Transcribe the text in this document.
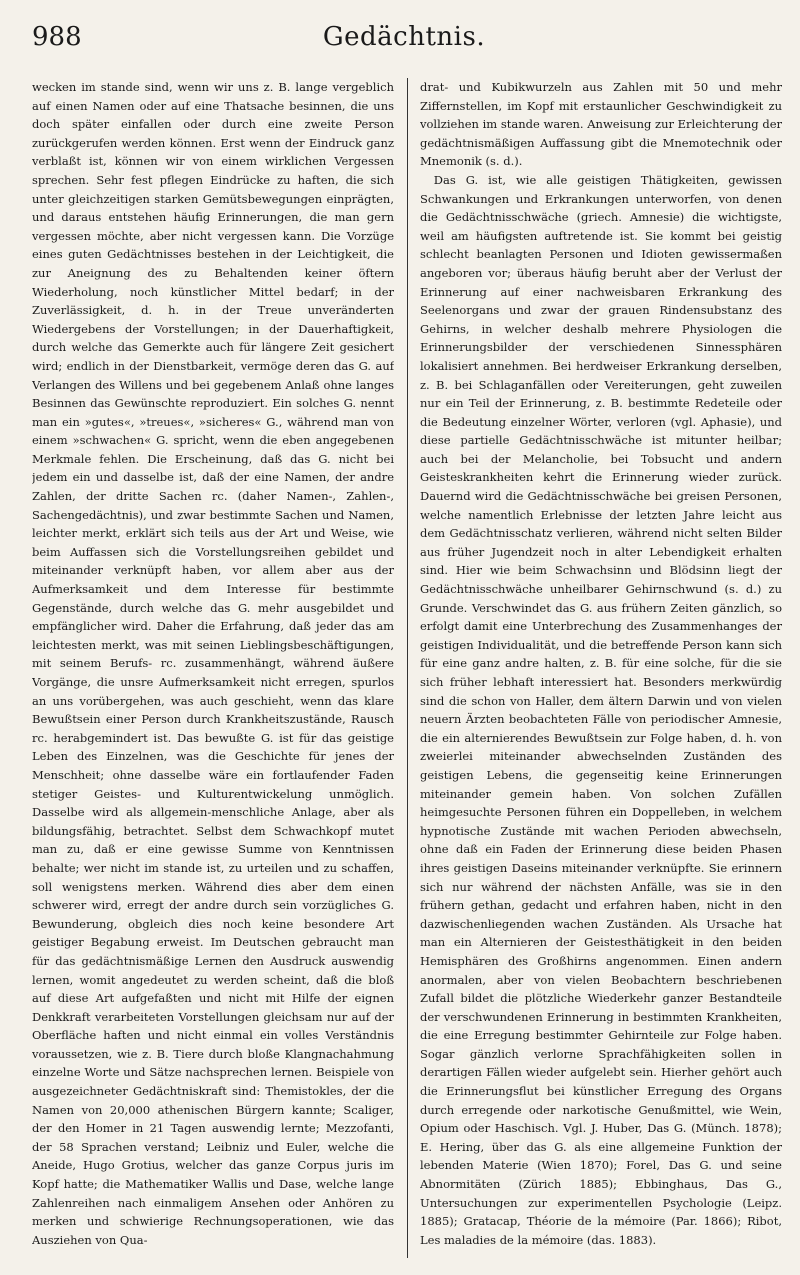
988	Gedächtnis.

wecken im stande sind, wenn wir uns z. B. lange vergeblich auf einen Namen oder auf eine Thatsache besinnen, die uns doch später einfallen oder durch eine zweite Person zurückgerufen werden können. Erst wenn der Eindruck ganz verblaßt ist, können wir von einem wirklichen Vergessen sprechen. Sehr fest pflegen Eindrücke zu haften, die sich unter gleichzeitigen starken Gemütsbewegungen einprägten, und daraus entstehen häufig Erinnerungen, die man gern vergessen möchte, aber nicht vergessen kann. Die Vorzüge eines guten Gedächtnisses bestehen in der Leichtigkeit, die zur Aneignung des zu Behaltenden keiner öftern Wiederholung, noch künstlicher Mittel bedarf; in der Zuverlässigkeit, d. h. in der Treue unveränderten Wiedergebens der Vorstellungen; in der Dauerhaftigkeit, durch welche das Gemerkte auch für längere Zeit gesichert wird; endlich in der Dienstbarkeit, vermöge deren das G. auf Verlangen des Willens und bei gegebenem Anlaß ohne langes Besinnen das Gewünschte reproduziert. Ein solches G. nennt man ein »gutes«, »treues«, »sicheres« G., während man von einem »schwachen« G. spricht, wenn die eben angegebenen Merkmale fehlen. Die Erscheinung, daß das G. nicht bei jedem ein und dasselbe ist, daß der eine Namen, der andre Zahlen, der dritte Sachen rc. (daher Namen-, Zahlen-, Sachengedächtnis), und zwar bestimmte Sachen und Namen, leichter merkt, erklärt sich teils aus der Art und Weise, wie beim Auffassen sich die Vorstellungsreihen gebildet und miteinander verknüpft haben, vor allem aber aus der Aufmerksamkeit und dem Interesse für bestimmte Gegenstände, durch welche das G. mehr ausgebildet und empfänglicher wird. Daher die Erfahrung, daß jeder das am leichtesten merkt, was mit seinen Lieblingsbeschäftigungen, mit seinem Berufs- rc. zusammenhängt, während äußere Vorgänge, die unsre Aufmerksamkeit nicht erregen, spurlos an uns vorübergehen, was auch geschieht, wenn das klare Bewußtsein einer Person durch Krankheitszustände, Rausch rc. herabgemindert ist. Das bewußte G. ist für das geistige Leben des Einzelnen, was die Geschichte für jenes der Menschheit; ohne dasselbe wäre ein fortlaufender Faden stetiger Geistes- und Kulturentwickelung unmöglich. Dasselbe wird als allgemein-menschliche Anlage, aber als bildungsfähig, betrachtet. Selbst dem Schwachkopf mutet man zu, daß er eine gewisse Summe von Kenntnissen behalte; wer nicht im stande ist, zu urteilen und zu schaffen, soll wenigstens merken. Während dies aber dem einen schwerer wird, erregt der andre durch sein vorzügliches G. Bewunderung, obgleich dies noch keine besondere Art geistiger Begabung erweist. Im Deutschen gebraucht man für das gedächtnismäßige Lernen den Ausdruck auswendig lernen, womit angedeutet zu werden scheint, daß die bloß auf diese Art aufgefaßten und nicht mit Hilfe der eignen Denkkraft verarbeiteten Vorstellungen gleichsam nur auf der Oberfläche haften und nicht einmal ein volles Verständnis voraussetzen, wie z. B. Tiere durch bloße Klangnachahmung einzelne Worte und Sätze nachsprechen lernen. Beispiele von ausgezeichneter Gedächtniskraft sind: Themistokles, der die Namen von 20,000 athenischen Bürgern kannte; Scaliger, der den Homer in 21 Tagen auswendig lernte; Mezzofanti, der 58 Sprachen verstand; Leibniz und Euler, welche die Aneide, Hugo Grotius, welcher das ganze Corpus juris im Kopf hatte; die Mathematiker Wallis und Dase, welche lange Zahlenreihen nach einmaligem Ansehen oder Anhören zu merken und schwierige Rechnungsoperationen, wie das Ausziehen von Qua-

drat- und Kubikwurzeln aus Zahlen mit 50 und mehr Ziffernstellen, im Kopf mit erstaunlicher Geschwindigkeit zu vollziehen im stande waren. Anweisung zur Erleichterung der gedächtnismäßigen Auffassung gibt die Mnemotechnik oder Mnemonik (s. d.).

Das G. ist, wie alle geistigen Thätigkeiten, gewissen Schwankungen und Erkrankungen unterworfen, von denen die Gedächtnisschwäche (griech. Amnesie) die wichtigste, weil am häufigsten auftretende ist. Sie kommt bei geistig schlecht beanlagten Personen und Idioten gewissermaßen angeboren vor; überaus häufig beruht aber der Verlust der Erinnerung auf einer nachweisbaren Erkrankung des Seelenorgans und zwar der grauen Rindensubstanz des Gehirns, in welcher deshalb mehrere Physiologen die Erinnerungsbilder der verschiedenen Sinnessphären lokalisiert annehmen. Bei herdweiser Erkrankung derselben, z. B. bei Schlaganfällen oder Vereiterungen, geht zuweilen nur ein Teil der Erinnerung, z. B. bestimmte Redeteile oder die Bedeutung einzelner Wörter, verloren (vgl. Aphasie), und diese partielle Gedächtnisschwäche ist mitunter heilbar; auch bei der Melancholie, bei Tobsucht und andern Geisteskrankheiten kehrt die Erinnerung wieder zurück. Dauernd wird die Gedächtnisschwäche bei greisen Personen, welche namentlich Erlebnisse der letzten Jahre leicht aus dem Gedächtnisschatz verlieren, während nicht selten Bilder aus früher Jugendzeit noch in alter Lebendigkeit erhalten sind. Hier wie beim Schwachsinn und Blödsinn liegt der Gedächtnisschwäche unheilbarer Gehirnschwund (s. d.) zu Grunde. Verschwindet das G. aus frühern Zeiten gänzlich, so erfolgt damit eine Unterbrechung des Zusammenhanges der geistigen Individualität, und die betreffende Person kann sich für eine ganz andre halten, z. B. für eine solche, für die sie sich früher lebhaft interessiert hat. Besonders merkwürdig sind die schon von Haller, dem ältern Darwin und von vielen neuern Ärzten beobachteten Fälle von periodischer Amnesie, die ein alternierendes Bewußtsein zur Folge haben, d. h. von zweierlei miteinander abwechselnden Zuständen des geistigen Lebens, die gegenseitig keine Erinnerungen miteinander gemein haben. Von solchen Zufällen heimgesuchte Personen führen ein Doppelleben, in welchem hypnotische Zustände mit wachen Perioden abwechseln, ohne daß ein Faden der Erinnerung diese beiden Phasen ihres geistigen Daseins miteinander verknüpfte. Sie erinnern sich nur während der nächsten Anfälle, was sie in den frühern gethan, gedacht und erfahren haben, nicht in den dazwischenliegenden wachen Zuständen. Als Ursache hat man ein Alternieren der Geistesthätigkeit in den beiden Hemisphären des Großhirns angenommen. Einen andern anormalen, aber von vielen Beobachtern beschriebenen Zufall bildet die plötzliche Wiederkehr ganzer Bestandteile der verschwundenen Erinnerung in bestimmten Krankheiten, die eine Erregung bestimmter Gehirnteile zur Folge haben. Sogar gänzlich verlorne Sprachfähigkeiten sollen in derartigen Fällen wieder aufgelebt sein. Hierher gehört auch die Erinnerungsflut bei künstlicher Erregung des Organs durch erregende oder narkotische Genußmittel, wie Wein, Opium oder Haschisch. Vgl. J. Huber, Das G. (Münch. 1878); E. Hering, über das G. als eine allgemeine Funktion der lebenden Materie (Wien 1870); Forel, Das G. und seine Abnormitäten (Zürich 1885); Ebbinghaus, Das G., Untersuchungen zur experimentellen Psychologie (Leipz. 1885); Gratacap, Théorie de la mémoire (Par. 1866); Ribot, Les maladies de la mémoire (das. 1883).
